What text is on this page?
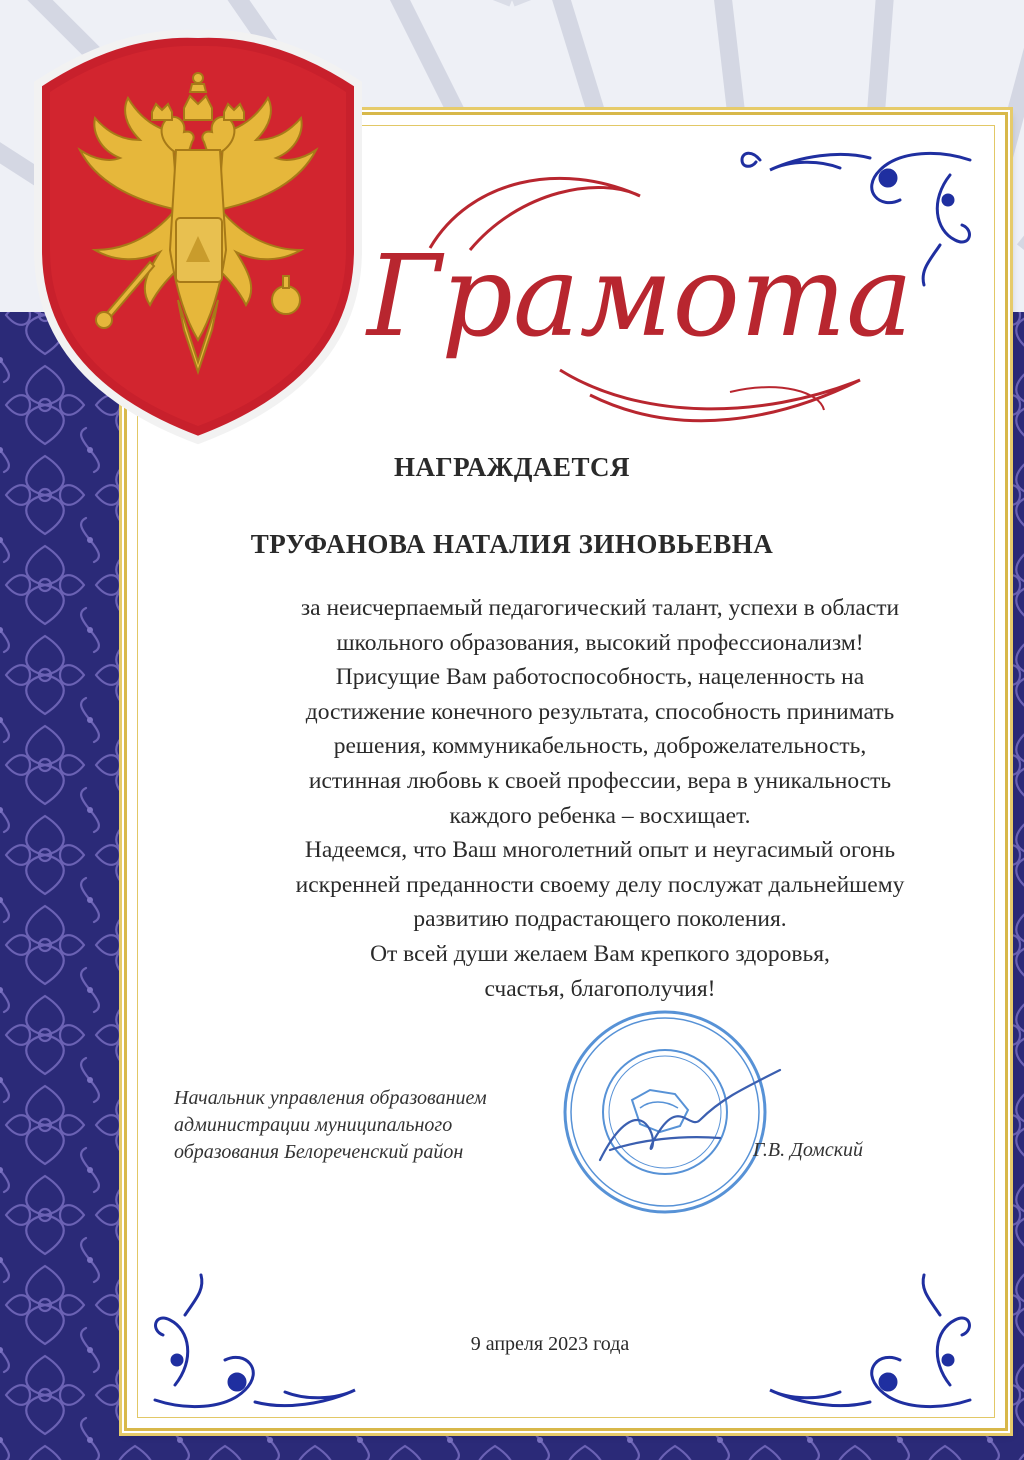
Грамота
НАГРАЖДАЕТСЯ
ТРУФАНОВА НАТАЛИЯ ЗИНОВЬЕВНА
за неисчерпаемый педагогический талант, успехи в области
школьного образования, высокий профессионализм!
Присущие Вам работоспособность, нацеленность на
достижение конечного результата, способность принимать
решения, коммуникабельность, доброжелательность,
истинная любовь к своей профессии, вера в уникальность
каждого ребенка – восхищает.
Надеемся, что Ваш многолетний опыт и неугасимый огонь
искренней преданности своему делу послужат дальнейшему
развитию подрастающего поколения.
От всей души желаем Вам крепкого здоровья,
счастья, благополучия!
Начальник управления образованием
администрации муниципального
образования Белореченский район	Г.В. Домский
9 апреля 2023 года
